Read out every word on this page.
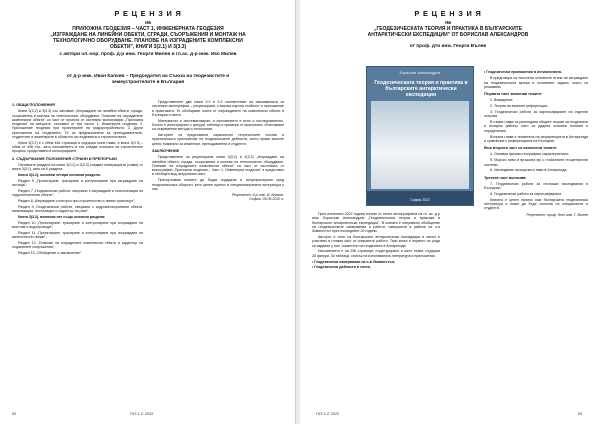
Р Е Ц Е Н З И Я
на
ПРИЛОЖНА ГЕОДЕЗИЯ – ЧАСТ 1, ИНЖЕНЕРНАТА ГЕОДЕЗИЯ
„ИЗГРАЖДАНЕ НА ЛИНЕЙНИ ОБЕКТИ, СГРАДИ, СЪОРЪЖЕНИЯ И МОНТАЖ НА
ТЕХНОЛОГИЧНО ОБОРУДВАНЕ. ПЛАНОВЕ НА ИЗГРАДЕНИТЕ КОМПЛЕКСНИ
ОБЕКТИ", КНИГИ 3(2.1) И 3(3.3)
с автори чл.-кор. проф. д-р инж. Георги Милев и гл.ас. д-р инж. Ико Милев
от д-р инж. Иван Калчев – Председател на Съюза на геодезистите и
земеустроителите в България
1. ОБЩИ ПОЛОЖЕНИЯ

Книги 3(3.2) и 3(3.3) със заглавие „Изграждане на линейни обекти, сгради, съоръжения и монтаж на технологично оборудване. Планове на изградените комплексни обекти" са част от проекта от системни монографии „Приложна геодезия" на авторите, съставен от три части: 1. Инженерна геодезия; 2. Приложение геодезия при проектиране на градоустройството; 3. Други приложения на геодезията. Те са предназначени за преподавателите, студентите и инженерите в областта на геодезията и строителството.

Книга 3(3.2) е с обем 464 страници и съдържа осем глави, а книга 3(3.3) – обем от 496 стр., като изложението в тях следва логиката на строителните процеси, представени в монографиите.

2. СЪДЪРЖАНИЕ ПОЛОЖЕНИЯ СТРАНИ И ПРЕПОРЪКИ

Основните раздели на книги 3(3.2) и 3(3.3) следват номерацията (глави) от книги 3(3.1), като са 6 раздела.

Книга 3(3.2), основни четири основни раздела:

Раздел 9 „Проектиране, трасиране и контролиране при изграждане на пътища";

Раздел 7 „Геодезически работи, свързани с изграждане и експлоатация на хидротехнически обекти";

Раздел 8 „Изграждане и контрол при строителство и линии транспорт";

Раздел 9 „Геодезически работи, свързани с хидромелиоративни обекти, канализация, инсталации и кадастър на реки".

Книга 3(3.3), включва пет също основни раздела:

Раздел 10 „Проектиране, трасиране и контролиране при изграждане на мостове и водопроводи";

Раздел 11 „Проектиране, трасиране и контролиране при изграждане на железопътни линии";

Раздел 12 „Планове на изградените комплексни обекти и кадастър на подземните съоръжения";

Раздел 13 „Обобщение и заключение".

Представените две книги 3.2 и 3.3 съответстват на изискванията за системни монографии – рецензирани, с висока научна стойност и приложение в практиката. Те обобщават опита от изграждането на комплексни обекти в България и света.

Материалът е систематизиран, а изложението е ясно и последователно. Богато е илюстрирано с фигури, таблици и примери от практиката. Използвани са съвременни методи и технологии.

Авторите са представили хармонично теоретичните основи и практическото приложение на геодезическите дейности, което прави книгите ценно помагало за инженери, преподаватели и студенти.

ЗАКЛЮЧЕНИЕ

Представените за рецензиране книги 3(3.2) и 3(3.3) „Изграждане на линейни обекти, сгради, съоръжения и монтаж на технологично оборудване. Планове на изградените комплексни обекти" са част от системата от монографии „Приложна геодезия – Част 1, Инженерна геодезия" и представят в обобщен вид натрупания опит.

Препоръчвам книгите да бъдат издадени и популяризирани сред геодезическата общност, като ценен принос в специализираната литература у нас.

Рецензент: д-р инж. И. Калчев,
София, 05.05.2022 г.
52	ГКЗ 1-2' 2022
Р Е Ц Е Н З И Я
на
„ГЕОДЕЗИЧЕСКАТА ТЕОРИЯ И ПРАКТИКА В БЪЛГАРСКИТЕ
АНТАРКТИЧЕСКИ ЕКСПЕДИЦИИ" ОТ БОРИСЛАВ АЛЕКСАНДРОВ
от проф. дтн инж. Георги Вълев
Борислав Александров
Геодезическата теория и практика в българските антарктически експедиции
София 2022

През изтеклата 2022 година излезе от печат монографията на гл. ас. д-р инж. Борислав Александров „Геодезическата теория и практика в българските антарктически експедиции". В книгата е направено обобщение на геодезическите измервания и работи, извършени в района на о-в Ливингстън през последните 20 години.

Авторът е член на българските антарктически експедиции и лично е участвал в голяма част от описаните работи. Тази книга е първото по рода си издание у нас, посветено на геодезията в Антарктида.

Изложението е на 296 страници, структурирано в шест глави, съдържа 28 фигури, 30 таблици, списък на използваната литература и приложения.

• Геодезически измервания на о-в Ливингстън;
• Геодезически дейности в снега;
• Геодезически приложения в ихтиологията.

В предговора са посочени основните етапи на изграждане на геодезическата мрежа и основните задачи, които са решавани.

Първата част включва темите:

1. Въведение;

2. Теория на земните референции;

3. Геодезически работи за картографиране на отделни острови.

В първа глава са разгледани общите теории за геодезията в полярни райони, като са дадени основни понятия и определения.

Втората глава е посветена на референцията в Антарктида и сравнение с референцията на България.

Във втората част са включени темите:

4. Основни физико-географски характеристики;

5. Морско ниво и връзката му с глобалните геоцентрични системи;

6. Изследване на морското ниво в Антарктида.

Третата част включва:

7. Геодезически работи за геоложки изследвания в България;

8. Геодезически работи за картографиране.

Книгата е ценен принос към българската геодезическа литература и може да бъде полезна на специалисти и студенти.

Рецензент: проф. дтн инж. Г. Вълев
ГКЗ 1-2' 2022	53
